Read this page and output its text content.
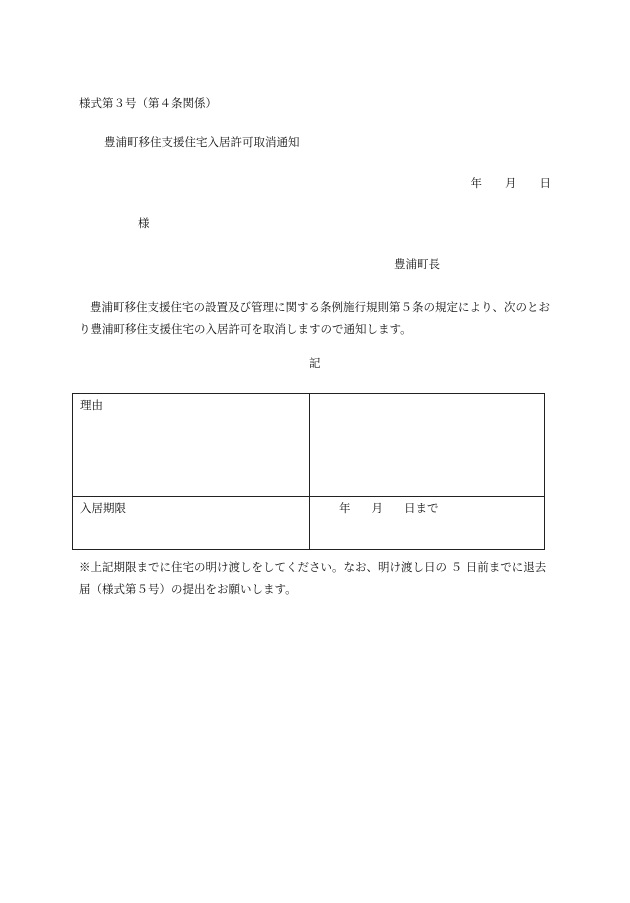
様式第３号（第４条関係）
豊浦町移住支援住宅入居許可取消通知
年 月 日
様
豊浦町長
豊浦町移住支援住宅の設置及び管理に関する条例施行規則第５条の規定により、次のとおり豊浦町移住支援住宅の入居許可を取消しますので通知します。
記
理由
入居期限	年 月 日まで
※上記期限までに住宅の明け渡しをしてください。なお、明け渡し日の ５ 日前までに退去届（様式第５号）の提出をお願いします。
